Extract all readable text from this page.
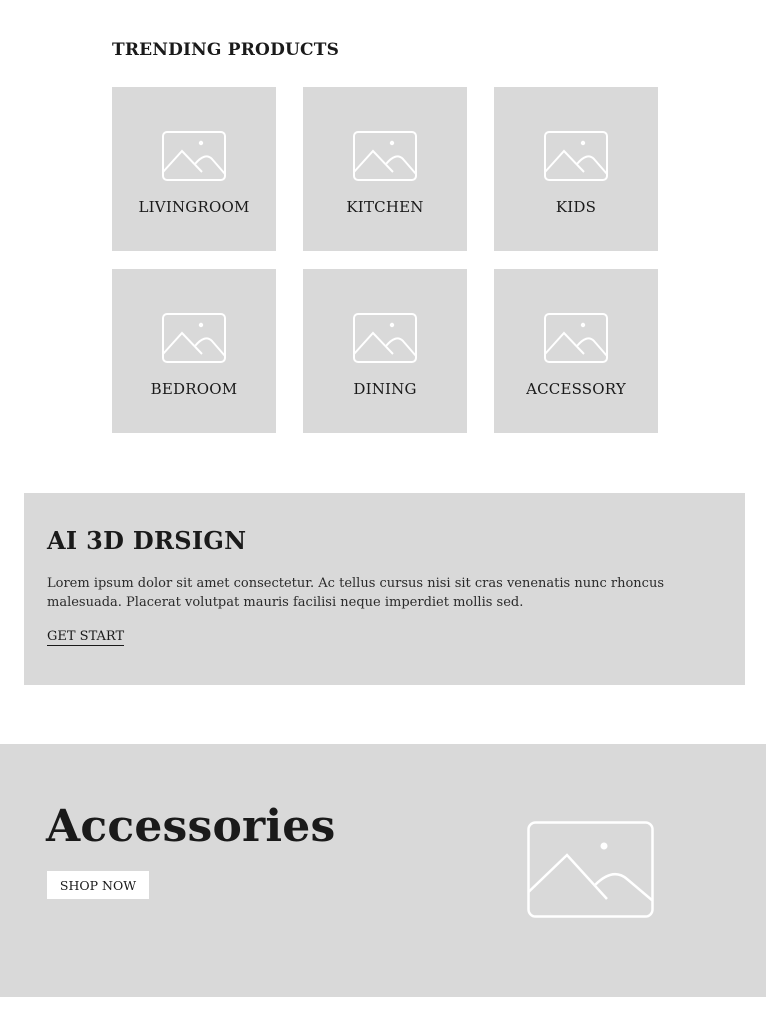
TRENDING PRODUCTS
LIVINGROOM	KITCHEN	KIDS
BEDROOM	DINING	ACCESSORY
AI 3D DRSIGN

Lorem ipsum dolor sit amet consectetur. Ac tellus cursus nisi sit cras venenatis nunc rhoncus malesuada. Placerat volutpat mauris facilisi neque imperdiet mollis sed.

GET START
Accessories
SHOP NOW
